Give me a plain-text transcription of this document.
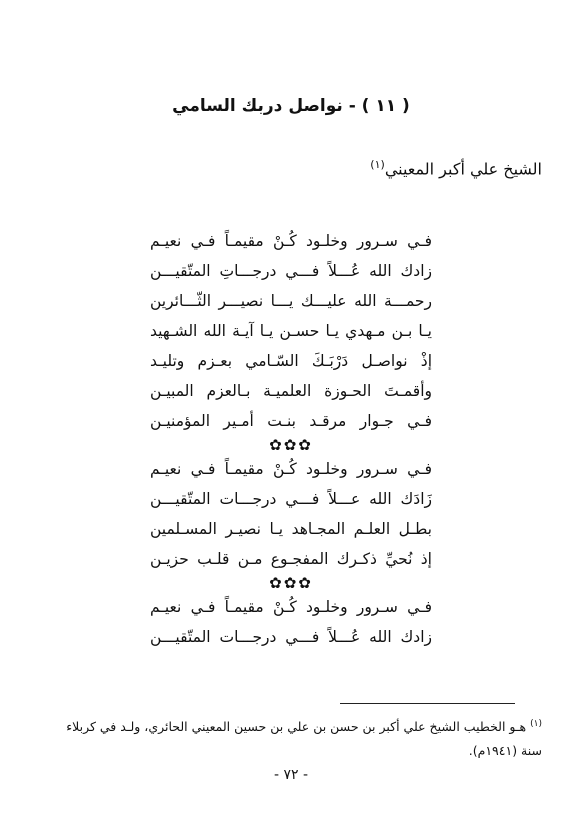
( ١١ ) - نواصل دربك السامي
الشيخ علي أكبر المعيني$^{(١)}$
فـي سـرور وخلـود كُـنْ مقيمـاً فـي نعيـم
زادك الله عُـــلاً فـــي درجـــاتِ المتّقيـــن
رحمـــة الله عليـــك يـــا نصيـــر الثّـــائرين
يـا بـن مـهدي يـا حسـن يـا آيـة الله الشـهيد
إذْ نواصـل دَرْبَـكَ السّـامي بعـزم وتليـد
وأقمـتَ الحـوزة العلميـة بـالعزم المبيـن
فـي جـوار مرقـد بنـت أمـير المؤمنيـن
✿✿✿
فـي سـرور وخلـود كُـنْ مقيمـاً فـي نعيـم
زَادَك الله عـــلاً فـــي درجـــات المتّقيـــن
بطـل العلـم المجـاهد يـا نصيـر المسـلمين
إذ نُحيِّ ذكـرك المفجـوع مـن قلـب حزيـن
✿✿✿
فـي سـرور وخلـود كُـنْ مقيمـاً فـي نعيـم
زادك الله عُـــلاً فـــي درجـــات المتّقيـــن
$^{(١)}$ هـو الخطيب الشيخ علي أكبر بن حسن بن علي بن حسين المعيني الحائري، ولـد في كربلاء سنة (١٩٤١م).
- ٧٢ -
